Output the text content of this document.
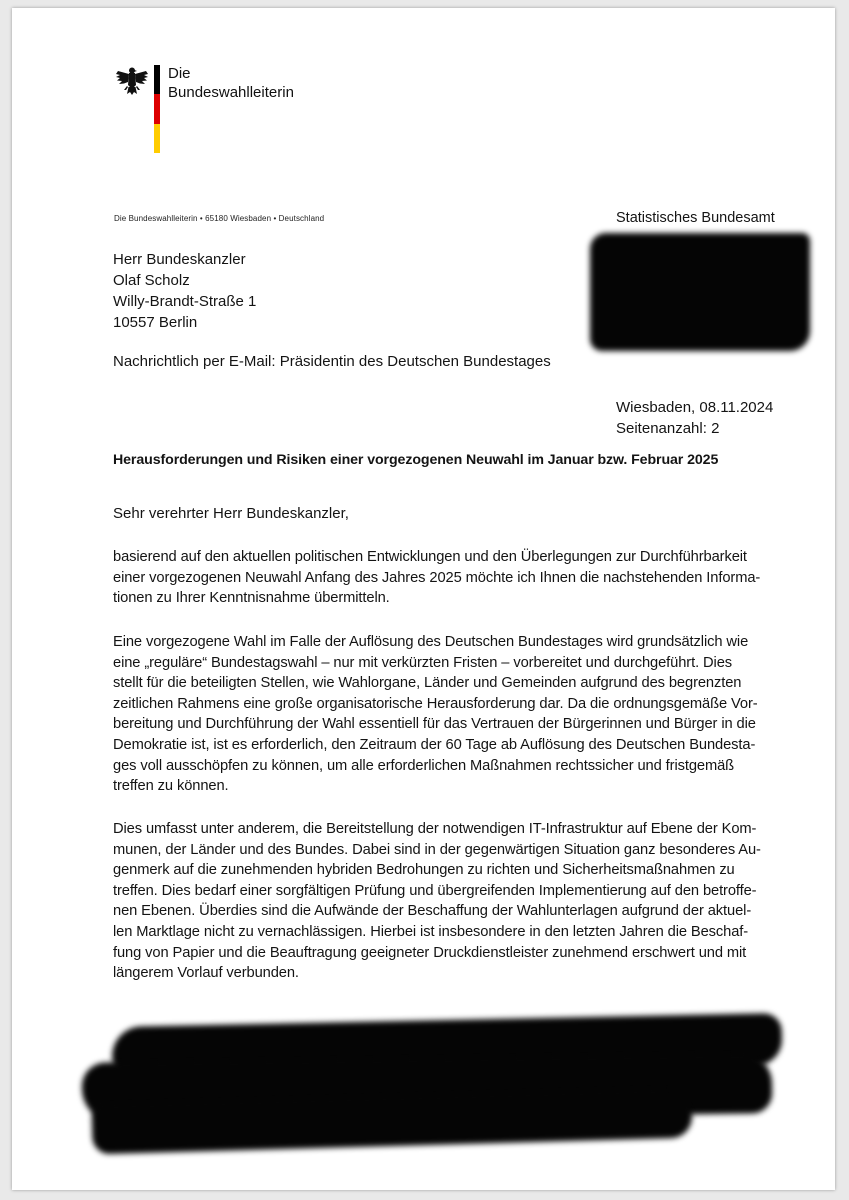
Die
Bundeswahlleiterin
Die Bundeswahlleiterin • 65180 Wiesbaden • Deutschland	Statistisches Bundesamt
Herr Bundeskanzler
Olaf Scholz
Willy-Brandt-Straße 1
10557 Berlin
Nachrichtlich per E-Mail: Präsidentin des Deutschen Bundestages
Wiesbaden, 08.11.2024
Seitenanzahl: 2
Herausforderungen und Risiken einer vorgezogenen Neuwahl im Januar bzw. Februar 2025
Sehr verehrter Herr Bundeskanzler,
basierend auf den aktuellen politischen Entwicklungen und den Überlegungen zur Durchführbarkeit
einer vorgezogenen Neuwahl Anfang des Jahres 2025 möchte ich Ihnen die nachstehenden Informa-
tionen zu Ihrer Kenntnisnahme übermitteln.
Eine vorgezogene Wahl im Falle der Auflösung des Deutschen Bundestages wird grundsätzlich wie
eine „reguläre“ Bundestagswahl – nur mit verkürzten Fristen – vorbereitet und durchgeführt. Dies
stellt für die beteiligten Stellen, wie Wahlorgane, Länder und Gemeinden aufgrund des begrenzten
zeitlichen Rahmens eine große organisatorische Herausforderung dar. Da die ordnungsgemäße Vor-
bereitung und Durchführung der Wahl essentiell für das Vertrauen der Bürgerinnen und Bürger in die
Demokratie ist, ist es erforderlich, den Zeitraum der 60 Tage ab Auflösung des Deutschen Bundesta-
ges voll ausschöpfen zu können, um alle erforderlichen Maßnahmen rechtssicher und fristgemäß
treffen zu können.
Dies umfasst unter anderem, die Bereitstellung der notwendigen IT-Infrastruktur auf Ebene der Kom-
munen, der Länder und des Bundes. Dabei sind in der gegenwärtigen Situation ganz besonderes Au-
genmerk auf die zunehmenden hybriden Bedrohungen zu richten und Sicherheitsmaßnahmen zu
treffen. Dies bedarf einer sorgfältigen Prüfung und übergreifenden Implementierung auf den betroffe-
nen Ebenen. Überdies sind die Aufwände der Beschaffung der Wahlunterlagen aufgrund der aktuel-
len Marktlage nicht zu vernachlässigen. Hierbei ist insbesondere in den letzten Jahren die Beschaf-
fung von Papier und die Beauftragung geeigneter Druckdienstleister zunehmend erschwert und mit
längerem Vorlauf verbunden.
